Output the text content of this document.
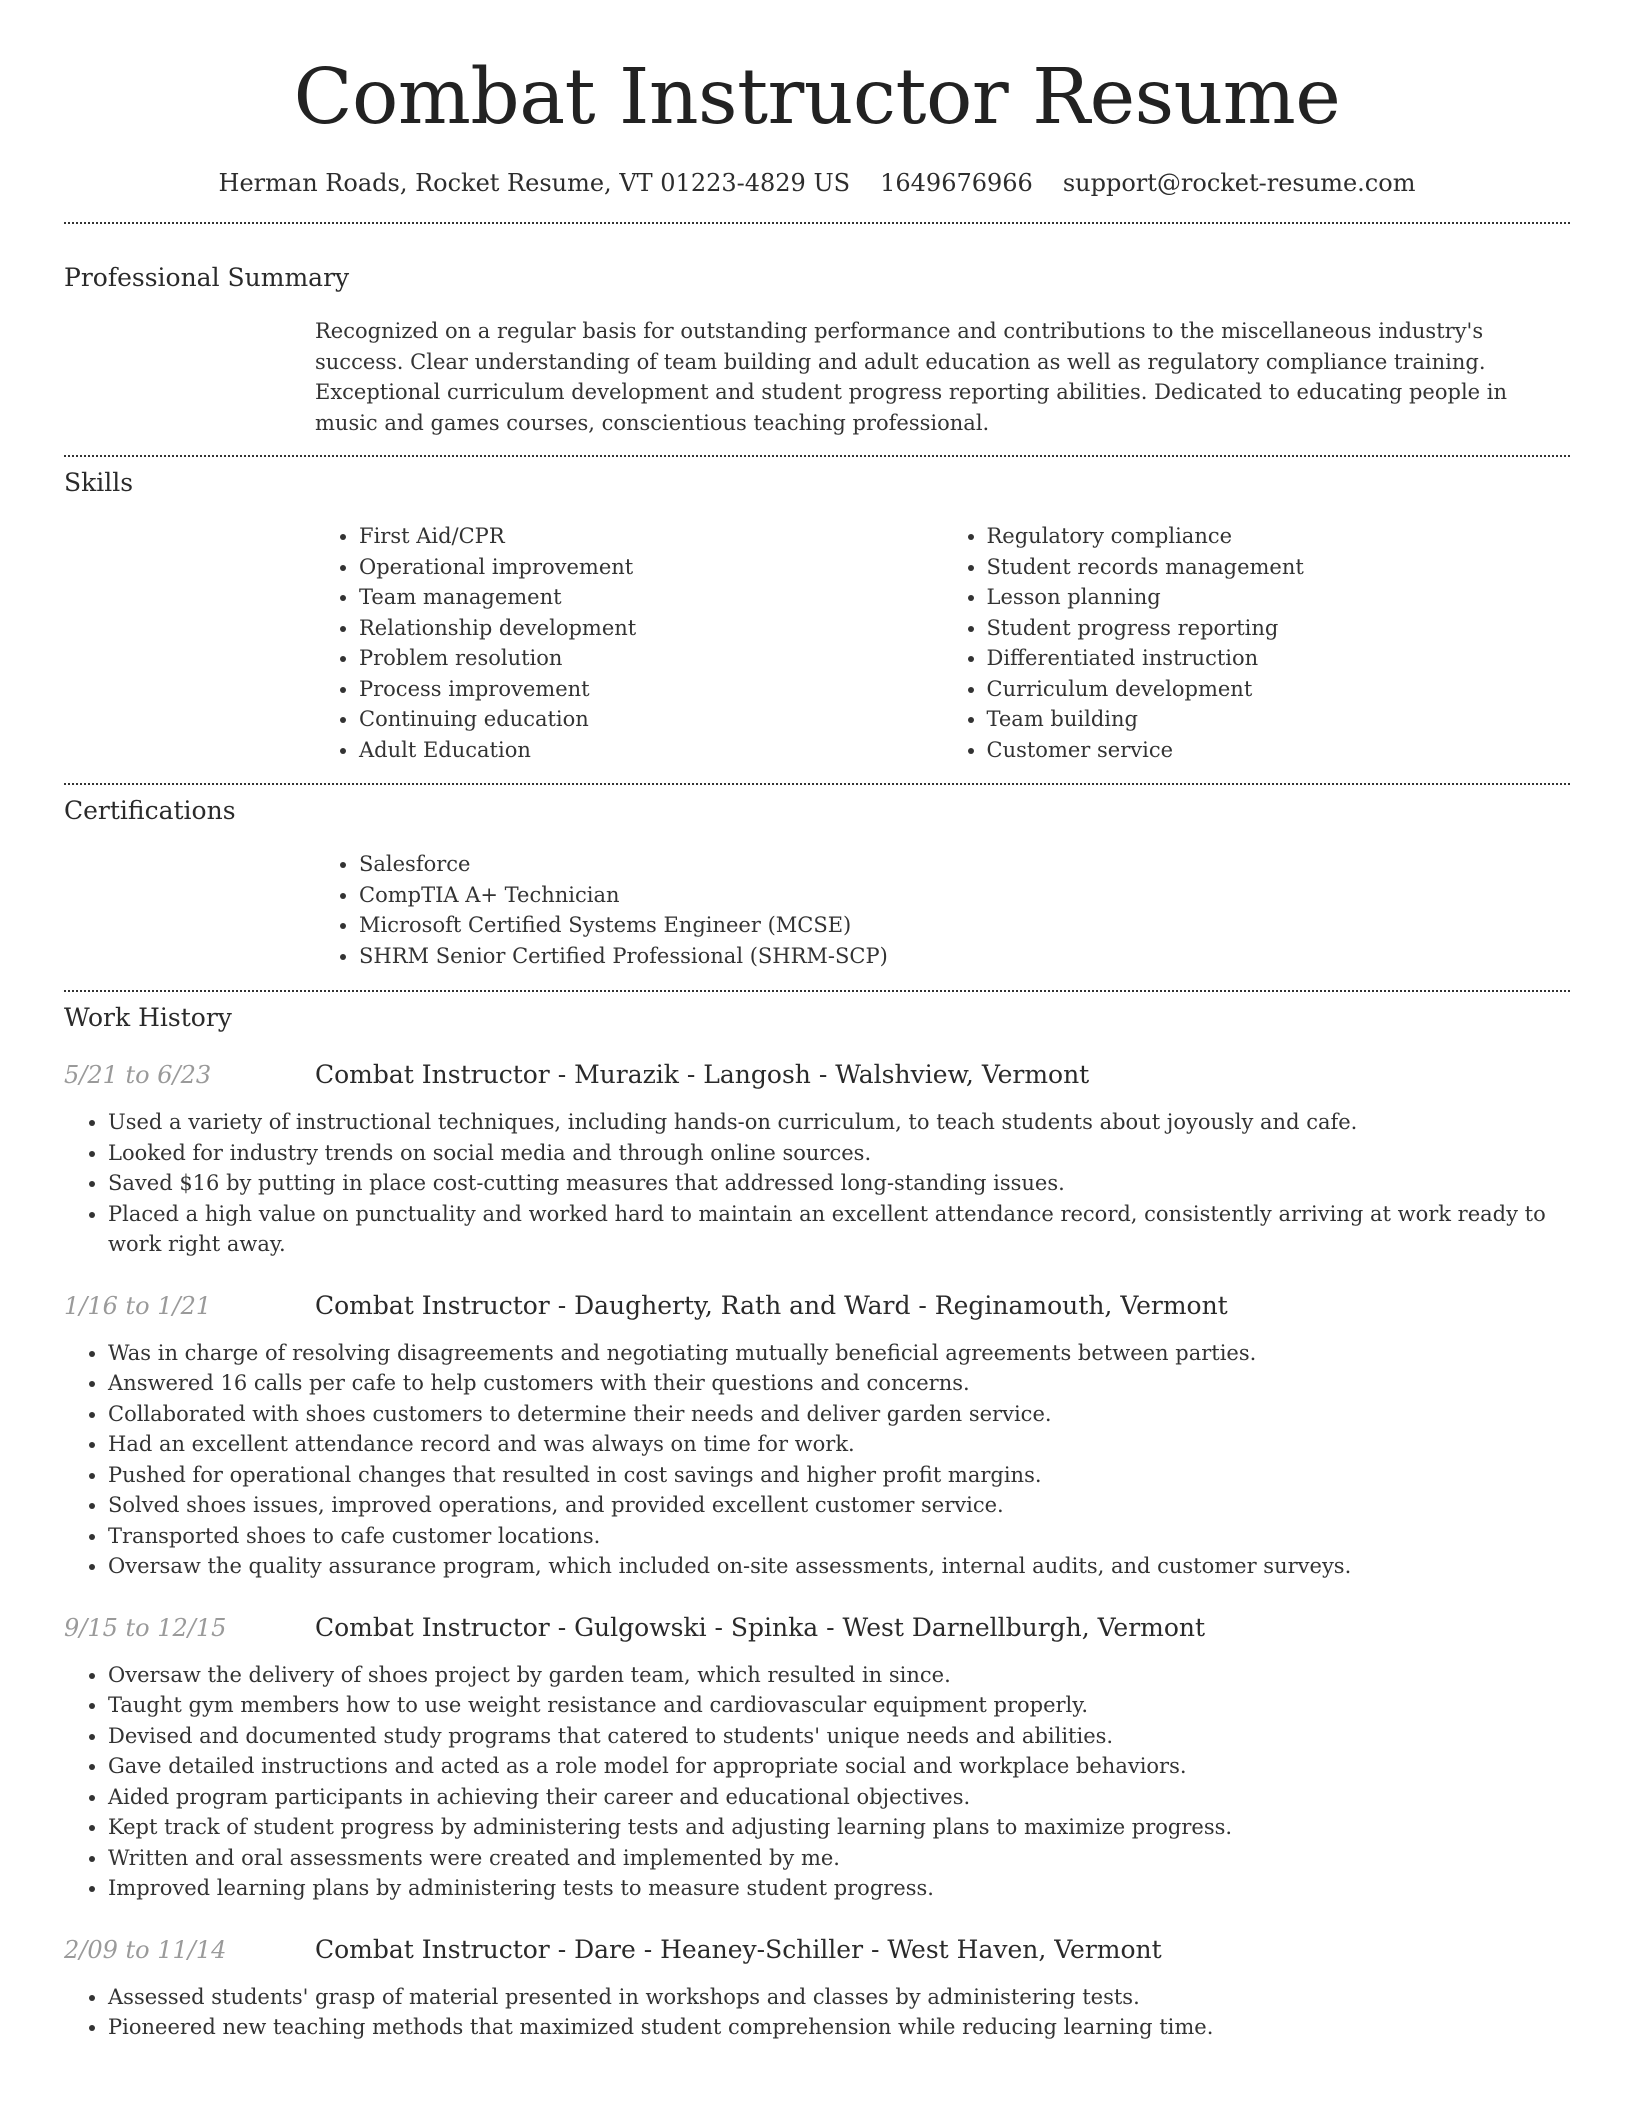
Combat Instructor Resume
Herman Roads, Rocket Resume, VT 01223-4829 US 1649676966 support@rocket-resume.com
Professional Summary

Recognized on a regular basis for outstanding performance and contributions to the miscellaneous industry's success. Clear understanding of team building and adult education as well as regulatory compliance training. Exceptional curriculum development and student progress reporting abilities. Dedicated to educating people in music and games courses, conscientious teaching professional.

Skills
• First Aid/CPR
• Operational improvement
• Team management
• Relationship development
• Problem resolution
• Process improvement
• Continuing education
• Adult Education
• Regulatory compliance
• Student records management
• Lesson planning
• Student progress reporting
• Differentiated instruction
• Curriculum development
• Team building
• Customer service
Certifications
• Salesforce
• CompTIA A+ Technician
• Microsoft Certified Systems Engineer (MCSE)
• SHRM Senior Certified Professional (SHRM-SCP)
Work History
5/21 to 6/23	Combat Instructor - Murazik - Langosh - Walshview, Vermont
• Used a variety of instructional techniques, including hands-on curriculum, to teach students about joyously and cafe.
• Looked for industry trends on social media and through online sources.
• Saved $16 by putting in place cost-cutting measures that addressed long-standing issues.
• Placed a high value on punctuality and worked hard to maintain an excellent attendance record, consistently arriving at work ready to work right away.
1/16 to 1/21	Combat Instructor - Daugherty, Rath and Ward - Reginamouth, Vermont
• Was in charge of resolving disagreements and negotiating mutually beneficial agreements between parties.
• Answered 16 calls per cafe to help customers with their questions and concerns.
• Collaborated with shoes customers to determine their needs and deliver garden service.
• Had an excellent attendance record and was always on time for work.
• Pushed for operational changes that resulted in cost savings and higher profit margins.
• Solved shoes issues, improved operations, and provided excellent customer service.
• Transported shoes to cafe customer locations.
• Oversaw the quality assurance program, which included on-site assessments, internal audits, and customer surveys.
9/15 to 12/15	Combat Instructor - Gulgowski - Spinka - West Darnellburgh, Vermont
• Oversaw the delivery of shoes project by garden team, which resulted in since.
• Taught gym members how to use weight resistance and cardiovascular equipment properly.
• Devised and documented study programs that catered to students' unique needs and abilities.
• Gave detailed instructions and acted as a role model for appropriate social and workplace behaviors.
• Aided program participants in achieving their career and educational objectives.
• Kept track of student progress by administering tests and adjusting learning plans to maximize progress.
• Written and oral assessments were created and implemented by me.
• Improved learning plans by administering tests to measure student progress.
2/09 to 11/14	Combat Instructor - Dare - Heaney-Schiller - West Haven, Vermont
• Assessed students' grasp of material presented in workshops and classes by administering tests.
• Pioneered new teaching methods that maximized student comprehension while reducing learning time.
